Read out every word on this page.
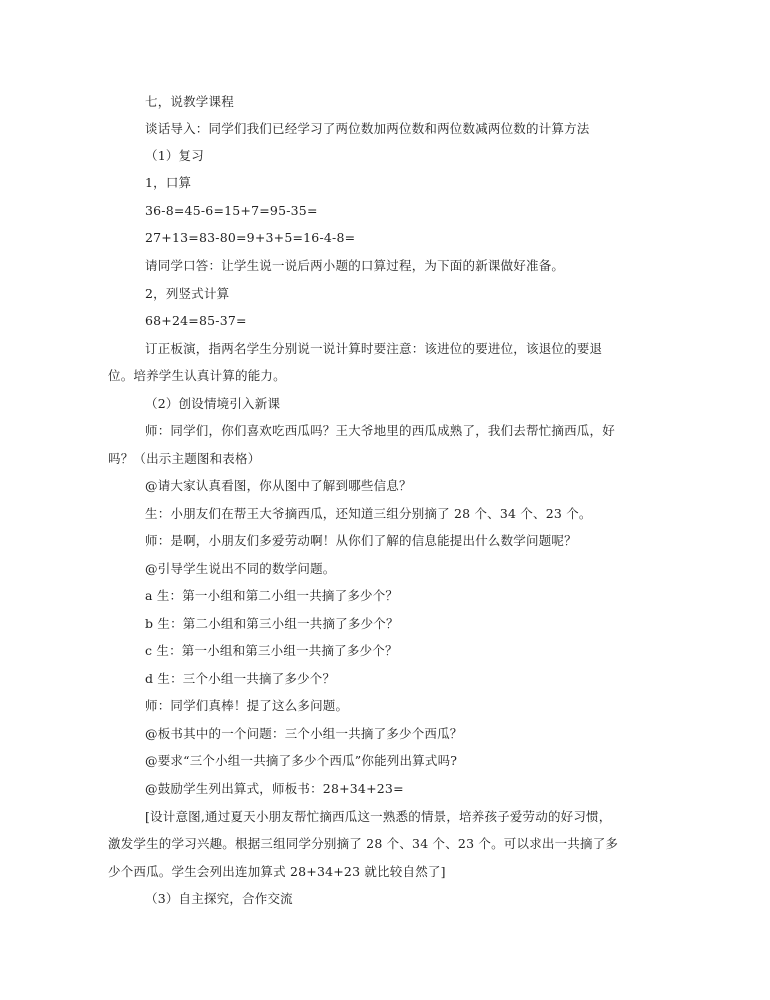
七，说教学课程
谈话导入：同学们我们已经学习了两位数加两位数和两位数减两位数的计算方法
（1）复习
1，口算
36-8=45-6=15+7=95-35=
27+13=83-80=9+3+5=16-4-8=
请同学口答：让学生说一说后两小题的口算过程，为下面的新课做好准备。
2，列竖式计算
68+24=85-37=
订正板演，指两名学生分别说一说计算时要注意：该进位的要进位，该退位的要退
位。培养学生认真计算的能力。
（2）创设情境引入新课
师：同学们，你们喜欢吃西瓜吗？王大爷地里的西瓜成熟了，我们去帮忙摘西瓜，好
吗？（出示主题图和表格）
@请大家认真看图，你从图中了解到哪些信息？
生：小朋友们在帮王大爷摘西瓜，还知道三组分别摘了 28 个、34 个、23 个。
师：是啊，小朋友们多爱劳动啊！从你们了解的信息能提出什么数学问题呢？
@引导学生说出不同的数学问题。
a 生：第一小组和第二小组一共摘了多少个？
b 生：第二小组和第三小组一共摘了多少个？
c 生：第一小组和第三小组一共摘了多少个？
d 生：三个小组一共摘了多少个？
师：同学们真棒！提了这么多问题。
@板书其中的一个问题：三个小组一共摘了多少个西瓜？
@要求“三个小组一共摘了多少个西瓜”你能列出算式吗?
@鼓励学生列出算式，师板书：28+34+23=
[设计意图,通过夏天小朋友帮忙摘西瓜这一熟悉的情景，培养孩子爱劳动的好习惯，
激发学生的学习兴趣。根据三组同学分别摘了 28 个、34 个、23 个。可以求出一共摘了多
少个西瓜。学生会列出连加算式 28+34+23 就比较自然了]
（3）自主探究，合作交流
